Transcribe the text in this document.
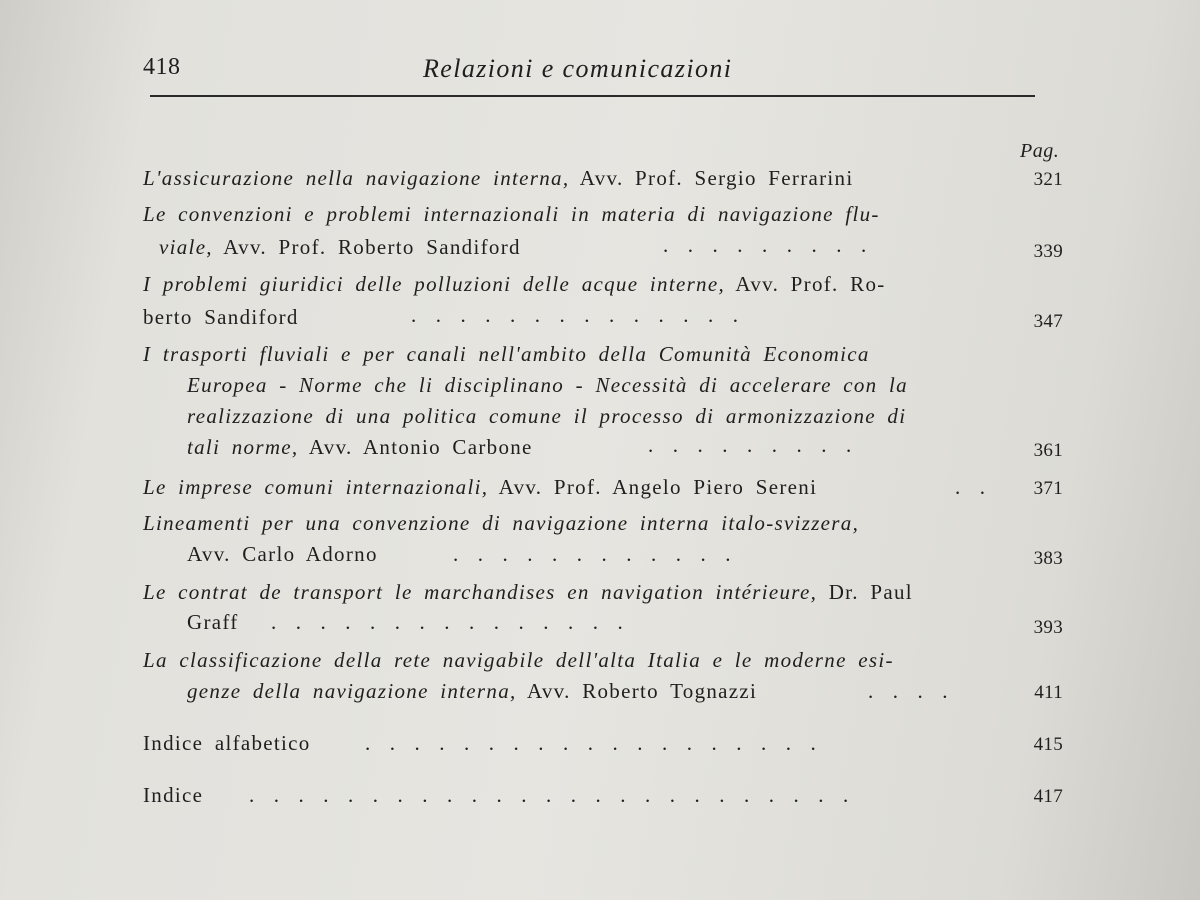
418	Relazioni e comunicazioni
Pag.
L'assicurazione nella navigazione interna, Avv. Prof. Sergio Ferrarini	321
Le convenzioni e problemi internazionali in materia di navigazione flu-
viale, Avv. Prof. Roberto Sandiford	.........	339
I problemi giuridici delle polluzioni delle acque interne, Avv. Prof. Ro-
berto Sandiford	..............	347
I trasporti fluviali e per canali nell'ambito della Comunità Economica
Europea - Norme che li disciplinano - Necessità di accelerare con la
realizzazione di una politica comune il processo di armonizzazione di
tali norme, Avv. Antonio Carbone	.........	361
Le imprese comuni internazionali, Avv. Prof. Angelo Piero Sereni	..	371
Lineamenti per una convenzione di navigazione interna italo-svizzera,
Avv. Carlo Adorno	............	383
Le contrat de transport le marchandises en navigation intérieure, Dr. Paul
Graff ...............	393
La classificazione della rete navigabile dell'alta Italia e le moderne esi-
genze della navigazione interna, Avv. Roberto Tognazzi	....	411
Indice alfabetico	...................	415
Indice .........................	417
